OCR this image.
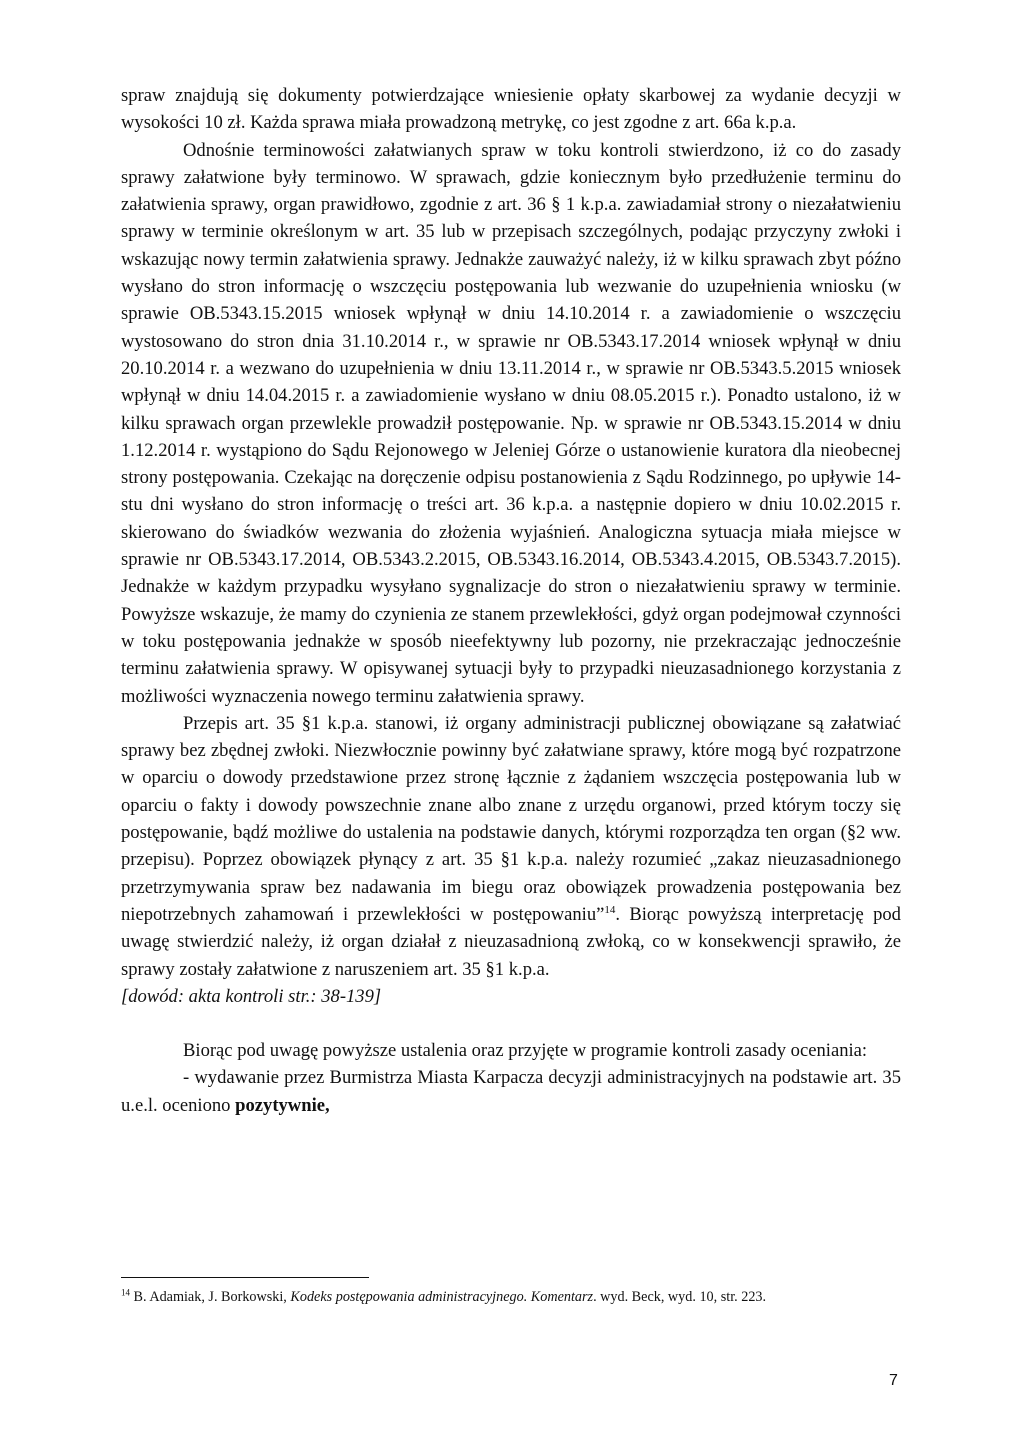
spraw znajdują się dokumenty potwierdzające wniesienie opłaty skarbowej za wydanie decyzji w wysokości 10 zł. Każda sprawa miała prowadzoną metrykę, co jest zgodne z art. 66a k.p.a.

Odnośnie terminowości załatwianych spraw w toku kontroli stwierdzono, iż co do zasady sprawy załatwione były terminowo. W sprawach, gdzie koniecznym było przedłużenie terminu do załatwienia sprawy, organ prawidłowo, zgodnie z art. 36 § 1 k.p.a. zawiadamiał strony o niezałatwieniu sprawy w terminie określonym w art. 35 lub w przepisach szczególnych, podając przyczyny zwłoki i wskazując nowy termin załatwienia sprawy. Jednakże zauważyć należy, iż w kilku sprawach zbyt późno wysłano do stron informację o wszczęciu postępowania lub wezwanie do uzupełnienia wniosku (w sprawie OB.5343.15.2015 wniosek wpłynął w dniu 14.10.2014 r. a zawiadomienie o wszczęciu wystosowano do stron dnia 31.10.2014 r., w sprawie nr OB.5343.17.2014 wniosek wpłynął w dniu 20.10.2014 r. a wezwano do uzupełnienia w dniu 13.11.2014 r., w sprawie nr OB.5343.5.2015 wniosek wpłynął w dniu 14.04.2015 r. a zawiadomienie wysłano w dniu 08.05.2015 r.). Ponadto ustalono, iż w kilku sprawach organ przewlekle prowadził postępowanie. Np. w sprawie nr OB.5343.15.2014 w dniu 1.12.2014 r. wystąpiono do Sądu Rejonowego w Jeleniej Górze o ustanowienie kuratora dla nieobecnej strony postępowania. Czekając na doręczenie odpisu postanowienia z Sądu Rodzinnego, po upływie 14-stu dni wysłano do stron informację o treści art. 36 k.p.a. a następnie dopiero w dniu 10.02.2015 r. skierowano do świadków wezwania do złożenia wyjaśnień. Analogiczna sytuacja miała miejsce w sprawie nr OB.5343.17.2014, OB.5343.2.2015, OB.5343.16.2014, OB.5343.4.2015, OB.5343.7.2015). Jednakże w każdym przypadku wysyłano sygnalizacje do stron o niezałatwieniu sprawy w terminie. Powyższe wskazuje, że mamy do czynienia ze stanem przewlekłości, gdyż organ podejmował czynności w toku postępowania jednakże w sposób nieefektywny lub pozorny, nie przekraczając jednocześnie terminu załatwienia sprawy. W opisywanej sytuacji były to przypadki nieuzasadnionego korzystania z możliwości wyznaczenia nowego terminu załatwienia sprawy.

Przepis art. 35 §1 k.p.a. stanowi, iż organy administracji publicznej obowiązane są załatwiać sprawy bez zbędnej zwłoki. Niezwłocznie powinny być załatwiane sprawy, które mogą być rozpatrzone w oparciu o dowody przedstawione przez stronę łącznie z żądaniem wszczęcia postępowania lub w oparciu o fakty i dowody powszechnie znane albo znane z urzędu organowi, przed którym toczy się postępowanie, bądź możliwe do ustalenia na podstawie danych, którymi rozporządza ten organ (§2 ww. przepisu). Poprzez obowiązek płynący z art. 35 §1 k.p.a. należy rozumieć „zakaz nieuzasadnionego przetrzymywania spraw bez nadawania im biegu oraz obowiązek prowadzenia postępowania bez niepotrzebnych zahamowań i przewlekłości w postępowaniu”$^{14}$. Biorąc powyższą interpretację pod uwagę stwierdzić należy, iż organ działał z nieuzasadnioną zwłoką, co w konsekwencji sprawiło, że sprawy zostały załatwione z naruszeniem art. 35 §1 k.p.a.

[dowód: akta kontroli str.: 38-139]

Biorąc pod uwagę powyższe ustalenia oraz przyjęte w programie kontroli zasady oceniania:

- wydawanie przez Burmistrza Miasta Karpacza decyzji administracyjnych na podstawie art. 35 u.e.l. oceniono pozytywnie,

$^{14}$ B. Adamiak, J. Borkowski, Kodeks postępowania administracyjnego. Komentarz. wyd. Beck, wyd. 10, str. 223.
7
